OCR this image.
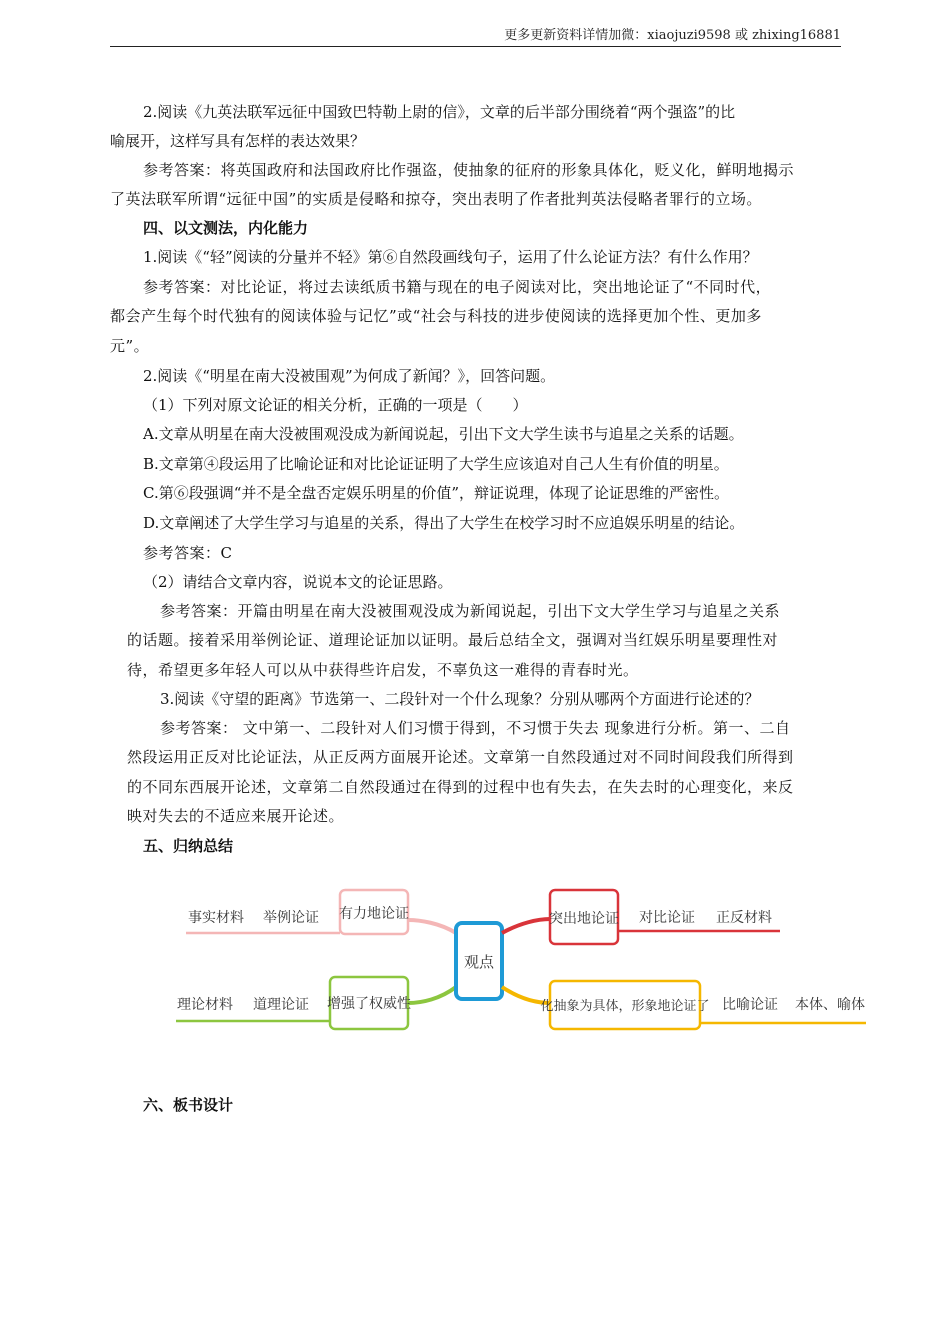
更多更新资料详情加微：xiaojuzi9598 或 zhixing16881
2.阅读《九英法联军远征中国致巴特勒上尉的信》，文章的后半部分围绕着“两个强盗”的比
喻展开，这样写具有怎样的表达效果？
参考答案：将英国政府和法国政府比作强盗，使抽象的征府的形象具体化，贬义化，鲜明地揭示
了英法联军所谓“远征中国”的实质是侵略和掠夺，突出表明了作者批判英法侵略者罪行的立场。
四、以文测法，内化能力
1.阅读《“轻”阅读的分量并不轻》第⑥自然段画线句子，运用了什么论证方法？有什么作用？
参考答案：对比论证，将过去读纸质书籍与现在的电子阅读对比，突出地论证了“不同时代，
都会产生每个时代独有的阅读体验与记忆”或“社会与科技的进步使阅读的选择更加个性、更加多
元”。
2.阅读《“明星在南大没被围观”为何成了新闻？》，回答问题。
（1）下列对原文论证的相关分析，正确的一项是（　　）
A.文章从明星在南大没被围观没成为新闻说起，引出下文大学生读书与追星之关系的话题。
B.文章第④段运用了比喻论证和对比论证证明了大学生应该追对自己人生有价值的明星。
C.第⑥段强调“并不是全盘否定娱乐明星的价值”，辩证说理，体现了论证思维的严密性。
D.文章阐述了大学生学习与追星的关系，得出了大学生在校学习时不应追娱乐明星的结论。
参考答案：C
（2）请结合文章内容，说说本文的论证思路。
参考答案：开篇由明星在南大没被围观没成为新闻说起，引出下文大学生学习与追星之关系
的话题。接着采用举例论证、道理论证加以证明。最后总结全文，强调对当红娱乐明星要理性对
待，希望更多年轻人可以从中获得些许启发，不辜负这一难得的青春时光。
3.阅读《守望的距离》节选第一、二段针对一个什么现象？分别从哪两个方面进行论述的？
参考答案： 文中第一、二段针对人们习惯于得到，不习惯于失去 现象进行分析。第一、二自
然段运用正反对比论证法，从正反两方面展开论述。文章第一自然段通过对不同时间段我们所得到
的不同东西展开论述，文章第二自然段通过在得到的过程中也有失去，在失去时的心理变化，来反
映对失去的不适应来展开论述。
五、归纳总结
有力地论证
举例论证
事实材料
增强了权威性
道理论证
理论材料
观点
突出地论证 对比论证 正反材料
化抽象为具体，形象地论证了 比喻论证 本体、喻体
六、板书设计
